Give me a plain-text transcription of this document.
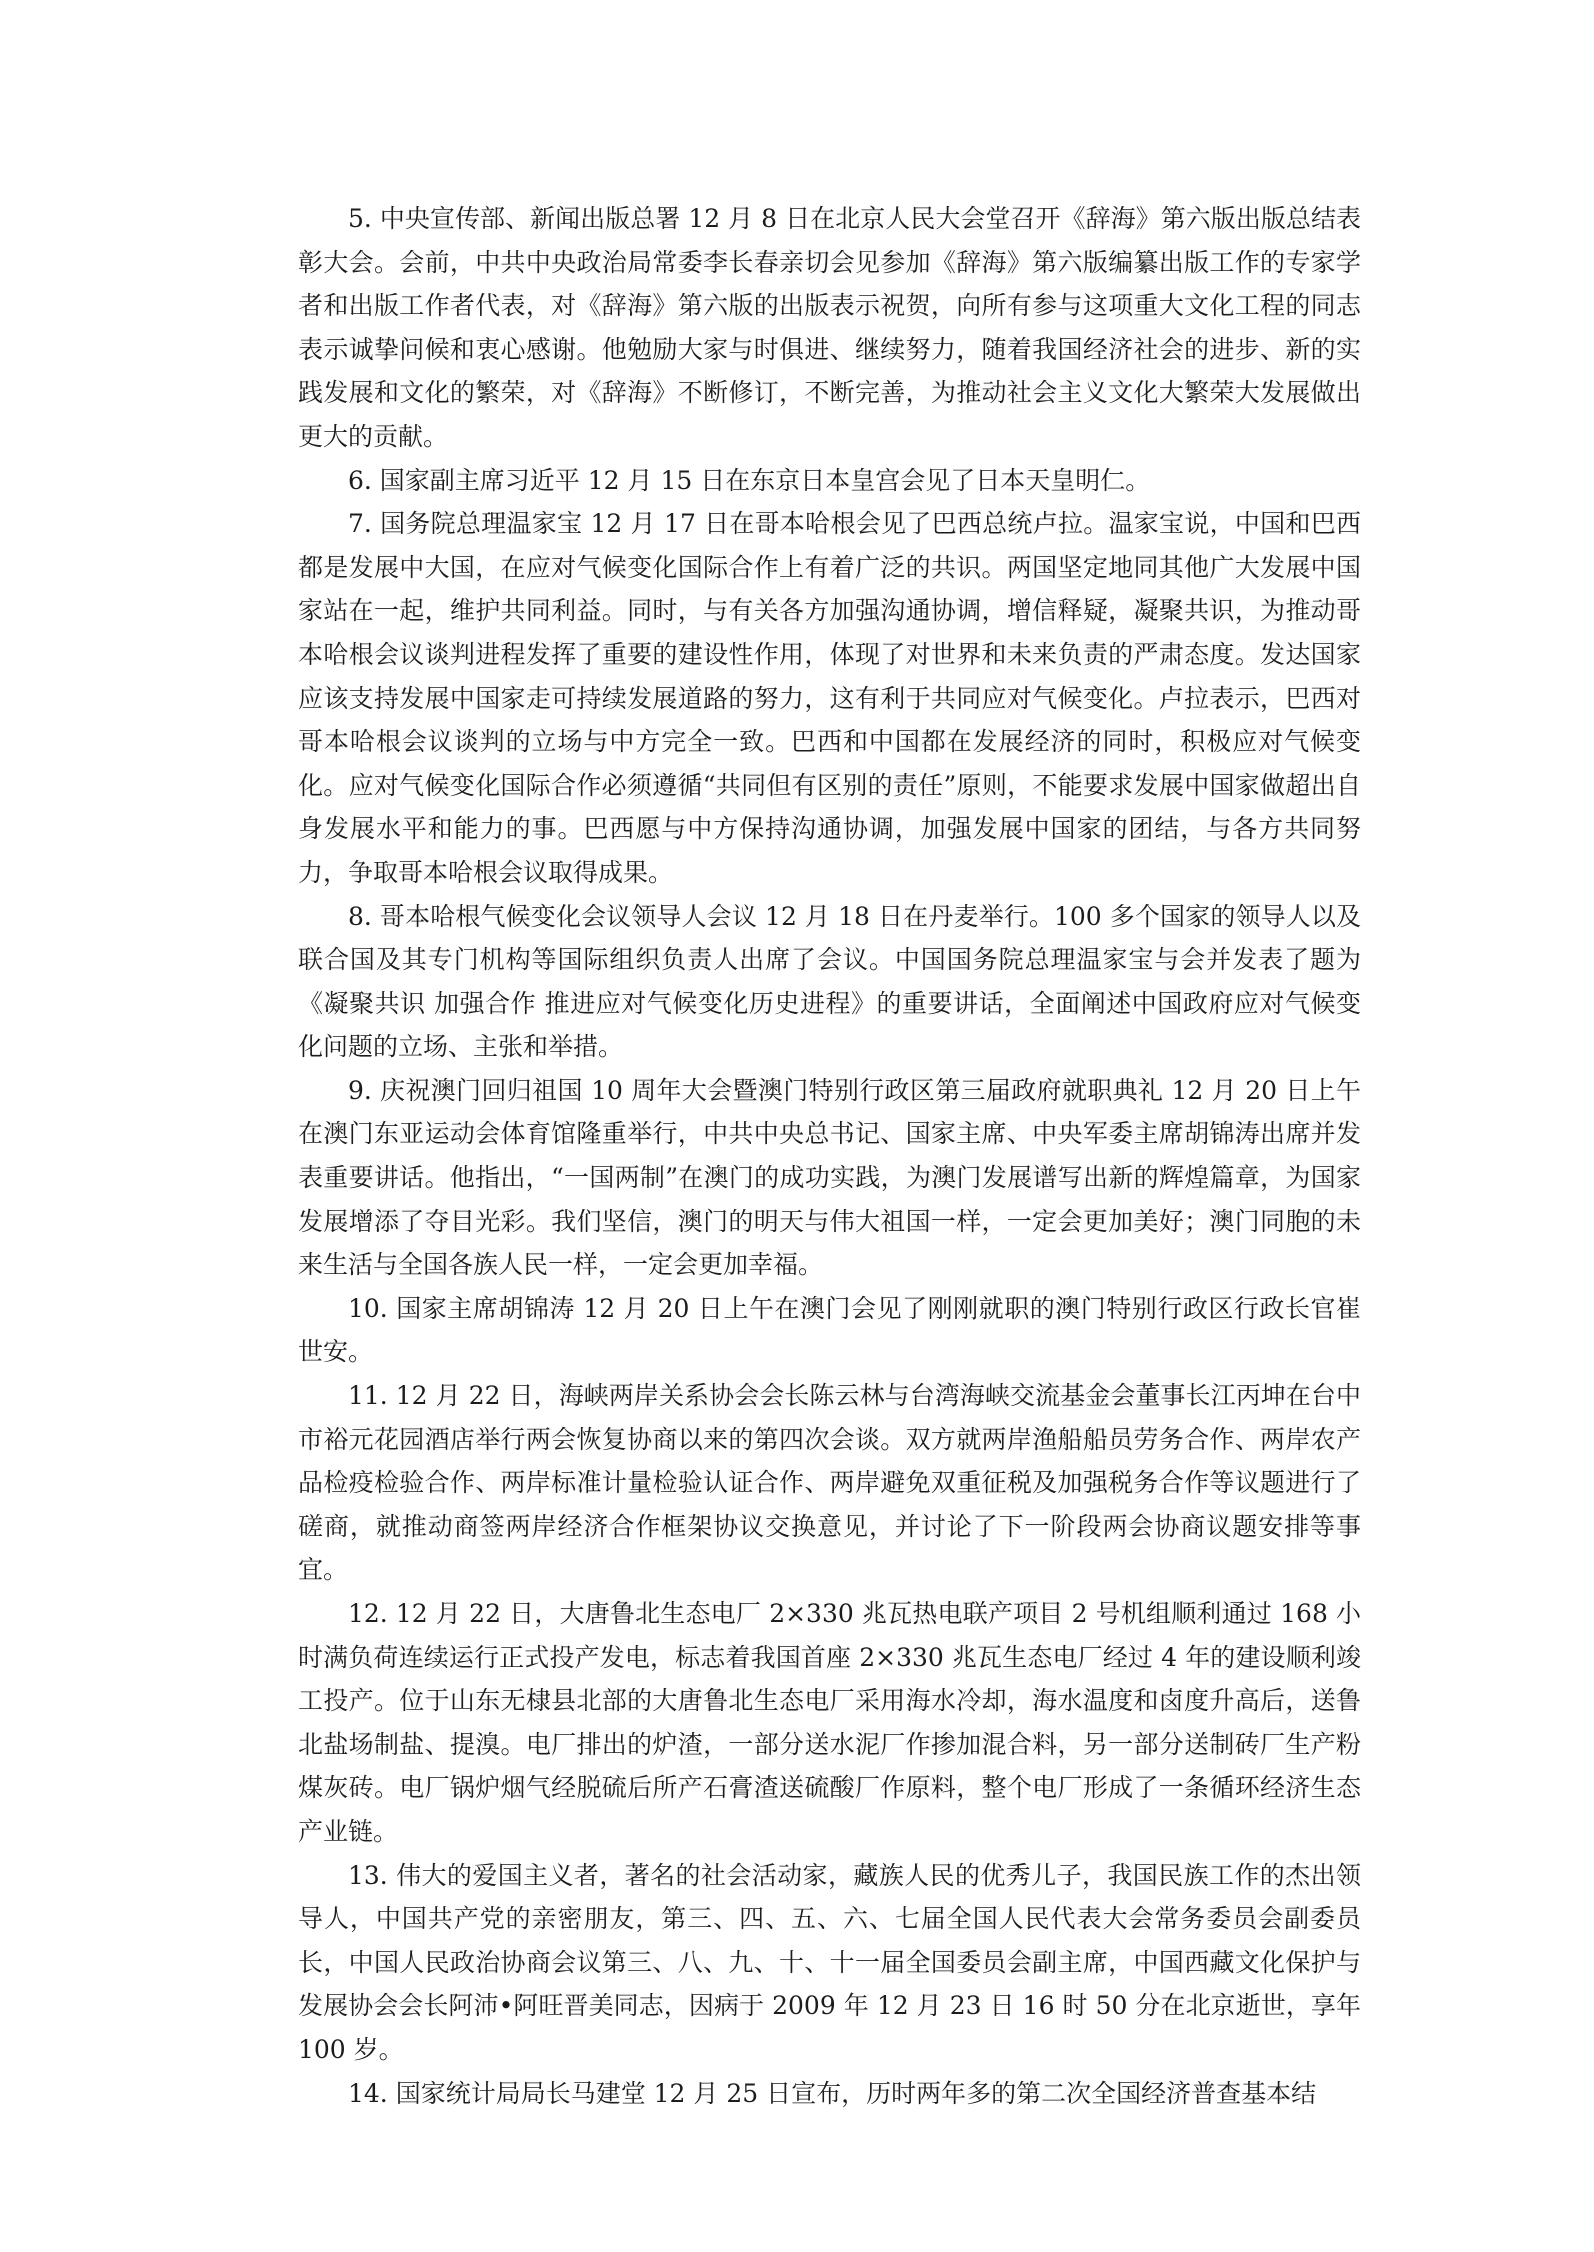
5. 中央宣传部、新闻出版总署 12 月 8 日在北京人民大会堂召开《辞海》第六版出版总结表彰大会。会前，中共中央政治局常委李长春亲切会见参加《辞海》第六版编纂出版工作的专家学者和出版工作者代表，对《辞海》第六版的出版表示祝贺，向所有参与这项重大文化工程的同志表示诚挚问候和衷心感谢。他勉励大家与时俱进、继续努力，随着我国经济社会的进步、新的实践发展和文化的繁荣，对《辞海》不断修订，不断完善，为推动社会主义文化大繁荣大发展做出更大的贡献。

6. 国家副主席习近平 12 月 15 日在东京日本皇宫会见了日本天皇明仁。

7. 国务院总理温家宝 12 月 17 日在哥本哈根会见了巴西总统卢拉。温家宝说，中国和巴西都是发展中大国，在应对气候变化国际合作上有着广泛的共识。两国坚定地同其他广大发展中国家站在一起，维护共同利益。同时，与有关各方加强沟通协调，增信释疑，凝聚共识，为推动哥本哈根会议谈判进程发挥了重要的建设性作用，体现了对世界和未来负责的严肃态度。发达国家应该支持发展中国家走可持续发展道路的努力，这有利于共同应对气候变化。卢拉表示，巴西对哥本哈根会议谈判的立场与中方完全一致。巴西和中国都在发展经济的同时，积极应对气候变化。应对气候变化国际合作必须遵循“共同但有区别的责任”原则，不能要求发展中国家做超出自身发展水平和能力的事。巴西愿与中方保持沟通协调，加强发展中国家的团结，与各方共同努力，争取哥本哈根会议取得成果。

8. 哥本哈根气候变化会议领导人会议 12 月 18 日在丹麦举行。100 多个国家的领导人以及联合国及其专门机构等国际组织负责人出席了会议。中国国务院总理温家宝与会并发表了题为《凝聚共识 加强合作 推进应对气候变化历史进程》的重要讲话，全面阐述中国政府应对气候变化问题的立场、主张和举措。

9. 庆祝澳门回归祖国 10 周年大会暨澳门特别行政区第三届政府就职典礼 12 月 20 日上午在澳门东亚运动会体育馆隆重举行，中共中央总书记、国家主席、中央军委主席胡锦涛出席并发表重要讲话。他指出，“一国两制”在澳门的成功实践，为澳门发展谱写出新的辉煌篇章，为国家发展增添了夺目光彩。我们坚信，澳门的明天与伟大祖国一样，一定会更加美好；澳门同胞的未来生活与全国各族人民一样，一定会更加幸福。

10. 国家主席胡锦涛 12 月 20 日上午在澳门会见了刚刚就职的澳门特别行政区行政长官崔世安。

11. 12 月 22 日，海峡两岸关系协会会长陈云林与台湾海峡交流基金会董事长江丙坤在台中市裕元花园酒店举行两会恢复协商以来的第四次会谈。双方就两岸渔船船员劳务合作、两岸农产品检疫检验合作、两岸标准计量检验认证合作、两岸避免双重征税及加强税务合作等议题进行了磋商，就推动商签两岸经济合作框架协议交换意见，并讨论了下一阶段两会协商议题安排等事宜。

12. 12 月 22 日，大唐鲁北生态电厂 2×330 兆瓦热电联产项目 2 号机组顺利通过 168 小时满负荷连续运行正式投产发电，标志着我国首座 2×330 兆瓦生态电厂经过 4 年的建设顺利竣工投产。位于山东无棣县北部的大唐鲁北生态电厂采用海水冷却，海水温度和卤度升高后，送鲁北盐场制盐、提溴。电厂排出的炉渣，一部分送水泥厂作掺加混合料，另一部分送制砖厂生产粉煤灰砖。电厂锅炉烟气经脱硫后所产石膏渣送硫酸厂作原料，整个电厂形成了一条循环经济生态产业链。

13. 伟大的爱国主义者，著名的社会活动家，藏族人民的优秀儿子，我国民族工作的杰出领导人，中国共产党的亲密朋友，第三、四、五、六、七届全国人民代表大会常务委员会副委员长，中国人民政治协商会议第三、八、九、十、十一届全国委员会副主席，中国西藏文化保护与发展协会会长阿沛•阿旺晋美同志，因病于 2009 年 12 月 23 日 16 时 50 分在北京逝世，享年 100 岁。

14. 国家统计局局长马建堂 12 月 25 日宣布，历时两年多的第二次全国经济普查基本结
